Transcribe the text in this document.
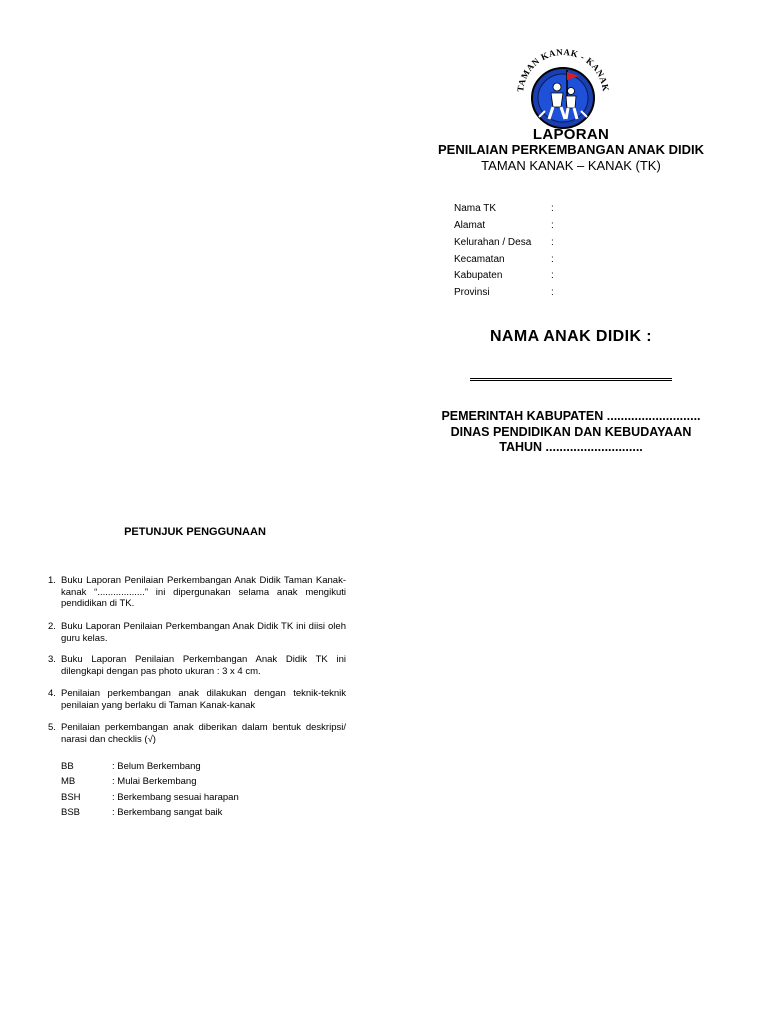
TAMAN KANAK - KANAK
LAPORAN
PENILAIAN PERKEMBANGAN ANAK DIDIK
TAMAN KANAK – KANAK (TK)
Nama TK	:
Alamat	:
Kelurahan / Desa :
Kecamatan	:
Kabupaten	:
Provinsi	:
NAMA ANAK DIDIK :
PEMERINTAH KABUPATEN ...........................
DINAS PENDIDIKAN DAN KEBUDAYAAN
TAHUN ............................
PETUNJUK PENGGUNAAN
1. Buku Laporan Penilaian Perkembangan Anak Didik Taman Kanak-kanak “..................” ini dipergunakan selama anak mengikuti pendidikan di TK.
2. Buku Laporan Penilaian Perkembangan Anak Didik TK ini diisi oleh guru kelas.
3. Buku Laporan Penilaian Perkembangan Anak Didik TK ini dilengkapi dengan pas photo ukuran : 3 x 4 cm.
4. Penilaian perkembangan anak dilakukan dengan teknik-teknik penilaian yang berlaku di Taman Kanak-kanak
5. Penilaian perkembangan anak diberikan dalam bentuk deskripsi/ narasi dan checklis (√)
BB	: Belum Berkembang
MB	: Mulai Berkembang
BSH	: Berkembang sesuai harapan
BSB	: Berkembang sangat baik
